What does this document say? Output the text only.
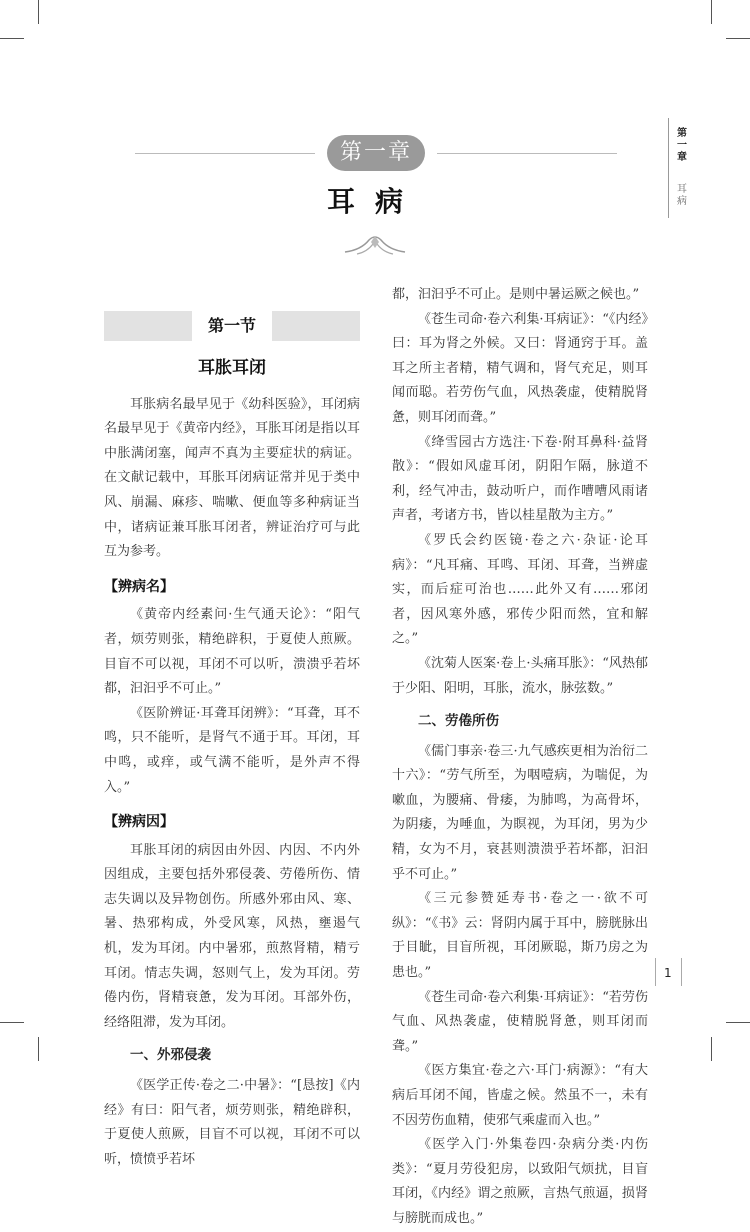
第一章
耳病
第一章
耳病
第一节
耳胀耳闭

耳胀病名最早见于《幼科医验》，耳闭病名最早见于《黄帝内经》，耳胀耳闭是指以耳中胀满闭塞，闻声不真为主要症状的病证。在文献记载中，耳胀耳闭病证常并见于类中风、崩漏、麻疹、喘嗽、便血等多种病证当中，诸病证兼耳胀耳闭者，辨证治疗可与此互为参考。

【辨病名】

《黄帝内经素问·生气通天论》：“阳气者，烦劳则张，精绝辟积，于夏使人煎厥。目盲不可以视，耳闭不可以听，溃溃乎若坏都，汩汩乎不可止。”

《医阶辨证·耳聋耳闭辨》：“耳聋，耳不鸣，只不能听，是肾气不通于耳。耳闭，耳中鸣，或痒，或气满不能听，是外声不得入。”

【辨病因】

耳胀耳闭的病因由外因、内因、不内外因组成，主要包括外邪侵袭、劳倦所伤、情志失调以及异物创伤。所感外邪由风、寒、暑、热邪构成，外受风寒，风热，壅遏气机，发为耳闭。内中暑邪，煎熬肾精，精亏耳闭。情志失调，怒则气上，发为耳闭。劳倦内伤，肾精衰惫，发为耳闭。耳部外伤，经络阻滞，发为耳闭。

一、外邪侵袭

《医学正传·卷之二·中暑》：“[恳按]《内经》有曰：阳气者，烦劳则张，精绝辟积，于夏使人煎厥，目盲不可以视，耳闭不可以听，愤愤乎若坏

都，汩汩乎不可止。是则中暑运厥之候也。”

《苍生司命·卷六利集·耳病证》：“《内经》曰：耳为肾之外候。又曰：肾通窍于耳。盖耳之所主者精，精气调和，肾气充足，则耳闻而聪。若劳伤气血，风热袭虚，使精脱肾惫，则耳闭而聋。”

《绛雪园古方选注·下卷·附耳鼻科·益肾散》：“假如风虚耳闭，阴阳乍隔，脉道不利，经气冲击，鼓动听户，而作嘈嘈风雨诸声者，考诸方书，皆以桂星散为主方。”

《罗氏会约医镜·卷之六·杂证·论耳病》：“凡耳痛、耳鸣、耳闭、耳聋，当辨虚实，而后症可治也……此外又有……邪闭者，因风寒外感，邪传少阳而然，宜和解之。”

《沈菊人医案·卷上·头痛耳胀》：“风热郁于少阳、阳明，耳胀，流水，脉弦数。”

二、劳倦所伤

《儒门事亲·卷三·九气感疾更相为治衍二十六》：“劳气所至，为咽噎病，为喘促，为嗽血，为腰痛、骨痿，为肺鸣，为高骨坏，为阴痿，为唾血，为瞑视，为耳闭，男为少精，女为不月，衰甚则溃溃乎若坏都，汩汩乎不可止。”

《三元参赞延寿书·卷之一·欲不可纵》：“《书》云：肾阴内属于耳中，膀胱脉出于目眦，目盲所视，耳闭厥聪，斯乃房之为患也。”

《苍生司命·卷六利集·耳病证》：“若劳伤气血、风热袭虚，使精脱肾惫，则耳闭而聋。”

《医方集宜·卷之六·耳门·病源》：“有大病后耳闭不闻，皆虚之候。然虽不一，未有不因劳伤血精，使邪气乘虚而入也。”

《医学入门·外集卷四·杂病分类·内伤类》：“夏月劳役犯房，以致阳气烦扰，目盲耳闭，《内经》谓之煎厥，言热气煎逼，损肾与膀胱而成也。”

1
